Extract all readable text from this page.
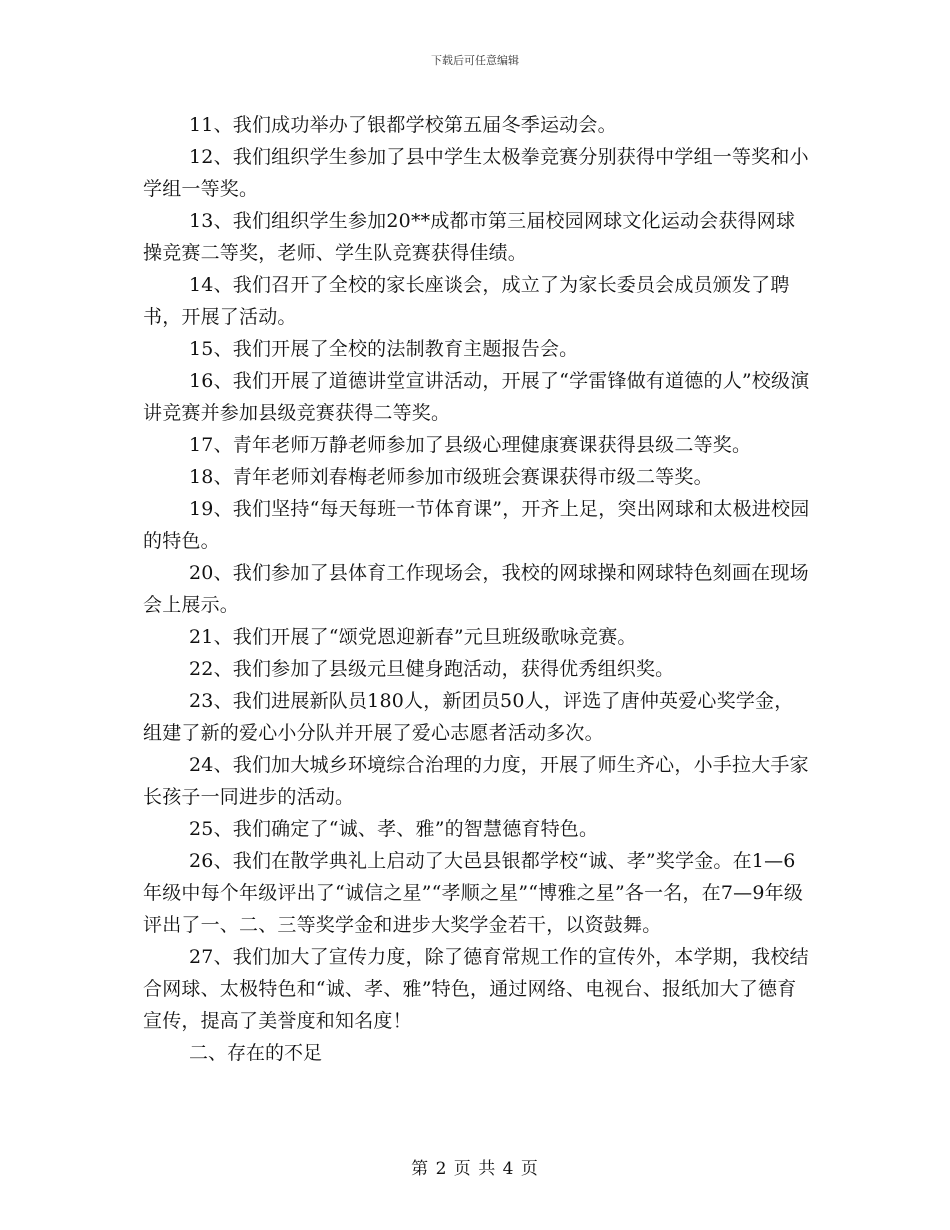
下载后可任意编辑

11、我们成功举办了银都学校第五届冬季运动会。

12、我们组织学生参加了县中学生太极拳竞赛分别获得中学组一等奖和小学组一等奖。

13、我们组织学生参加20**成都市第三届校园网球文化运动会获得网球操竞赛二等奖，老师、学生队竞赛获得佳绩。

14、我们召开了全校的家长座谈会，成立了为家长委员会成员颁发了聘书，开展了活动。

15、我们开展了全校的法制教育主题报告会。

16、我们开展了道德讲堂宣讲活动，开展了“学雷锋做有道德的人”校级演讲竞赛并参加县级竞赛获得二等奖。

17、青年老师万静老师参加了县级心理健康赛课获得县级二等奖。

18、青年老师刘春梅老师参加市级班会赛课获得市级二等奖。

19、我们坚持“每天每班一节体育课”，开齐上足，突出网球和太极进校园的特色。

20、我们参加了县体育工作现场会，我校的网球操和网球特色刻画在现场会上展示。

21、我们开展了“颂党恩迎新春”元旦班级歌咏竞赛。

22、我们参加了县级元旦健身跑活动，获得优秀组织奖。

23、我们进展新队员180人，新团员50人，评选了唐仲英爱心奖学金，组建了新的爱心小分队并开展了爱心志愿者活动多次。

24、我们加大城乡环境综合治理的力度，开展了师生齐心，小手拉大手家长孩子一同进步的活动。

25、我们确定了“诚、孝、雅”的智慧德育特色。

26、我们在散学典礼上启动了大邑县银都学校“诚、孝”奖学金。在1—6年级中每个年级评出了“诚信之星”“孝顺之星”“博雅之星”各一名，在7—9年级评出了一、二、三等奖学金和进步大奖学金若干，以资鼓舞。

27、我们加大了宣传力度，除了德育常规工作的宣传外，本学期，我校结合网球、太极特色和“诚、孝、雅”特色，通过网络、电视台、报纸加大了德育宣传，提高了美誉度和知名度！

二、存在的不足

第 2 页 共 4 页
